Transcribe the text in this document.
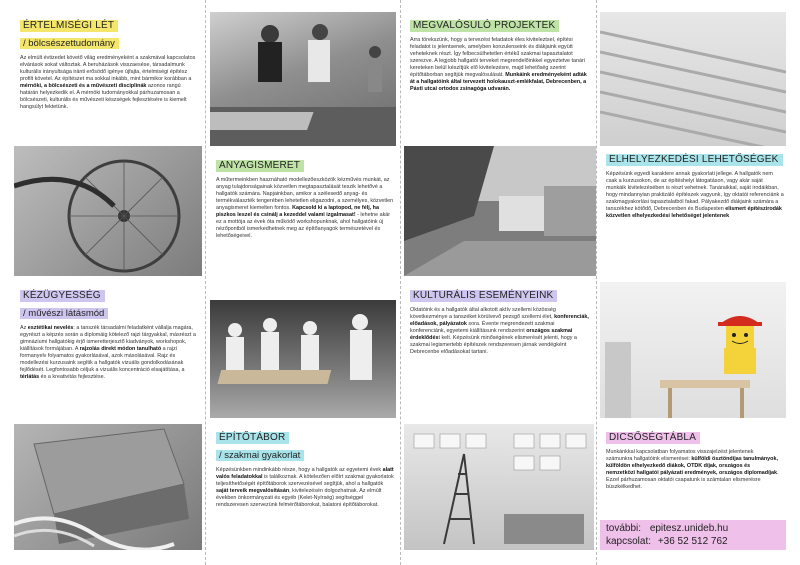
ÉRTELMISÉGI LÉT
/ bölcsészettudomány
Az elmúlt évtizedet követő világ eredményeként a szakmával kapcsolatos elvárások sokat változtak. A beruházások visszaesése, társadalmunk kulturális irányultsága iránti erősödő igénye újfajta, értelmiségi építész profilt követel. Az építészet ma sokkal inkább, mint bármikor korábban a mérnöki, a bölcsészeti és a művészeti disciplínák azonos rangú határán helyezkedik el. A mérnöki tudományokkal párhuzamosan a bölcsészeti, kulturális és művészeti készségek fejlesztésére is kiemelt hangsúlyt fektetünk.
MEGVALÓSULÓ PROJEKTEK
Arra törekszünk, hogy a tervezési feladatok éles kiviteleztsel, építési feladatot is jelentsenek, amelyben konzulenseink és diákjaink együtt veheteknek részt. Így felbecsülhetetlen értékű szakmai tapasztalatot szerezve. A legjobb hallgatói terveket megrendelőinkkel egyeztetve tanári kereteken belül készítjük elő kivitelezésre, majd lehetőség szerint építőtáborban segítjük megvalósulását. Munkáink eredményeként adták át a hallgatóink által tervezett holokauszt-emlékfalat, Debrecenben, a Pásti utcai ortodox zsinagóga udvarán.
ANYAGISMERET
A műtermeinkben hasznáható modellezőeszközök kézművés munkát, az anyag tulajdonságainak közvetlen megtapasztalását teszik lehetővé a hallgatók számára. Napjainkban, amikor a szélesedő anyag- és termékválaszték tengerében lehetetlen eligazodni, a személyes, közvetlen anyagismeret kiemelten fontos. Kapcsold ki a laptopod, ne félj, ha piszkos leszel és csinálj a kezeddel valami izgalmasat! - lehetne akár ez a mottója az évek óta működő workshopunknak, ahol hallgatóink új nézőpontból ismerkedhetnek meg az építőanyagok természetével és lehetőségeivel.
ELHELYEZKEDÉSI LEHETŐSÉGEK
Képzésünk egyedi karaktere annak gyakorlati jellege. A hallgatók nem csak a kurzusokon, de az építéshelyi látogatáson, vagy akár saját munkáik kivitelezésében is részt vehetnek. Tanáraikkal, saját irodáikban, hogy mindannyian praktizáló építészek vagyunk, így oktatói referenciánk a szakmagyakorlási tapasztalatból fakad. Pályakezdő diákjaink számára a tanszékhez kötődő, Debrecenben és Budapesten elismert építészirodák közvetlen elhelyezkedési lehetőséget jelentenek
KÉZÜGYESSÉG
/ művészi látásmód
Az esztétikai nevelés: a tanszék társadalmi feladatként vállalja magára, egyrészt a képzés során a diplomáig kötelező rajzi tárgyakkal, másrészt a gimnáziumi hallgatókig érjő ismeretterjesztő kiadványok, workshopok, kiállítások formájában. A rajzolás direkt módon tanulható a rajzi formanyelv folyamatos gyakorlásával, azok másolásával. Rajz és modellezési kurzusaink segítik a hallgatók vizuális gondolkodásának fejlődését. Legfontosabb céljuk a vizuális koncentráció elsajátítása, a térlátás és a kreativitás fejlesztése.
KULTURÁLIS ESEMÉNYEINK
Oktatóink és a hallgatók által alkotott aktív szellemi közösség következménye a tanszéket körülvevő pezsgő szellemi élet, konferenciák, előadások, pályázatok sora. Évente megrendezett szakmai konferenciánk, egyetemi kiállításunk rendszerint országos szakmai érdeklődést kelt. Képzésünk minőségének elismerését jelenti, hogy a szakmai legismertebb építészek rendszeresen járnak vendégként Debrecenbe előadásokat tartani.
ÉPÍTŐTÁBOR
/ szakmai gyakorlat
Képzésünkben mindinkább része, hogy a hallgatók az egyetemi évek alatt valós feladatokkal is találkoznak. A kötelezően előírt szakmai gyakorlatok teljesíthetőségét építőtáborok szervezésével segítjük, ahol a hallgatók saját terveik megvalósításán, kivitelezésén dolgozhatnak. Az elmúlt években önkormányzati és egyéb (Kelet-Nyírség) segítséggel rendszeresen szervezünk felmérőtáborokat, balatoni építőtáborokat.
DICSŐSÉGTÁBLA
Munkánkkal kapcsolatban folyamatos visszajelzést jelentenek számunkra hallgatóink elismerései: külföldi ösztöndíjas tanulmányok, külföldön elhelyezkedő diákok, OTDK díjak, országos és nemzetközi hallgatói pályázati eredmények, országos diplomadíjak. Ezzel párhuzamosan oktatói csapatunk is számtalan elismerésre büszkélkedhet.
további: epitesz.unideb.hu
kapcsolat: +36 52 512 762
